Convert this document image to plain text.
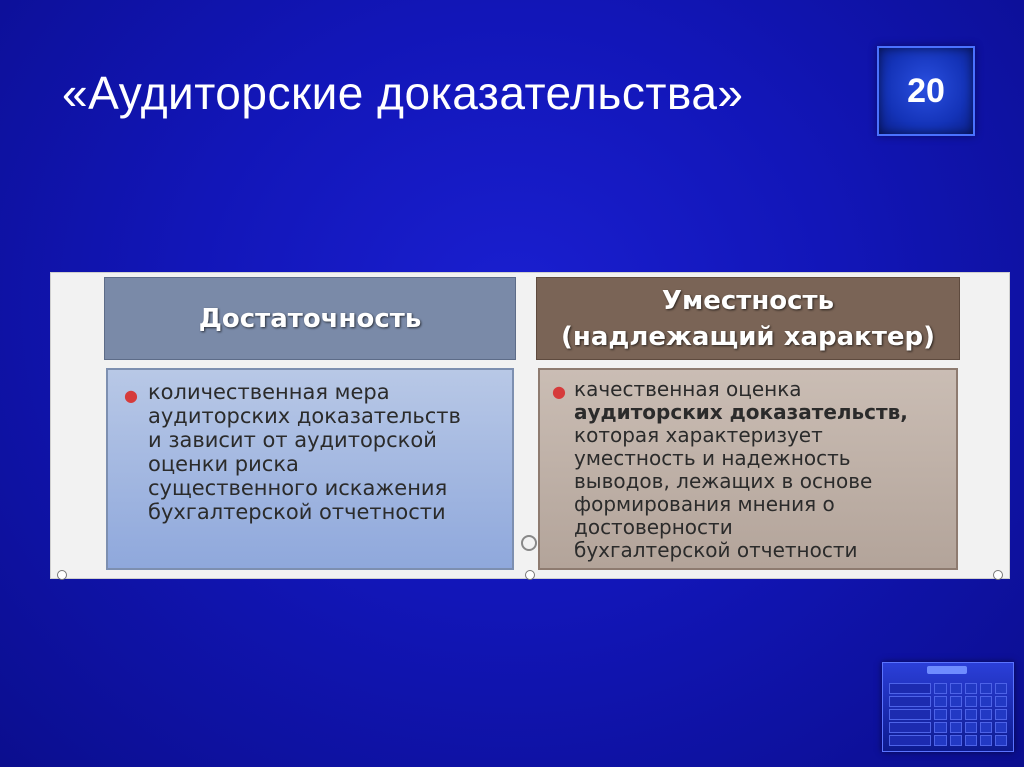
«Аудиторские доказательства»	20
Достаточность
Уместность
(надлежащий характер)
● количественная мера
аудиторских доказательств
и зависит от аудиторской
оценки риска
существенного искажения
бухгалтерской отчетности
● качественная оценка
аудиторских доказательств,
которая характеризует
уместность и надежность
выводов, лежащих в основе
формирования мнения о
достоверности
бухгалтерской отчетности
